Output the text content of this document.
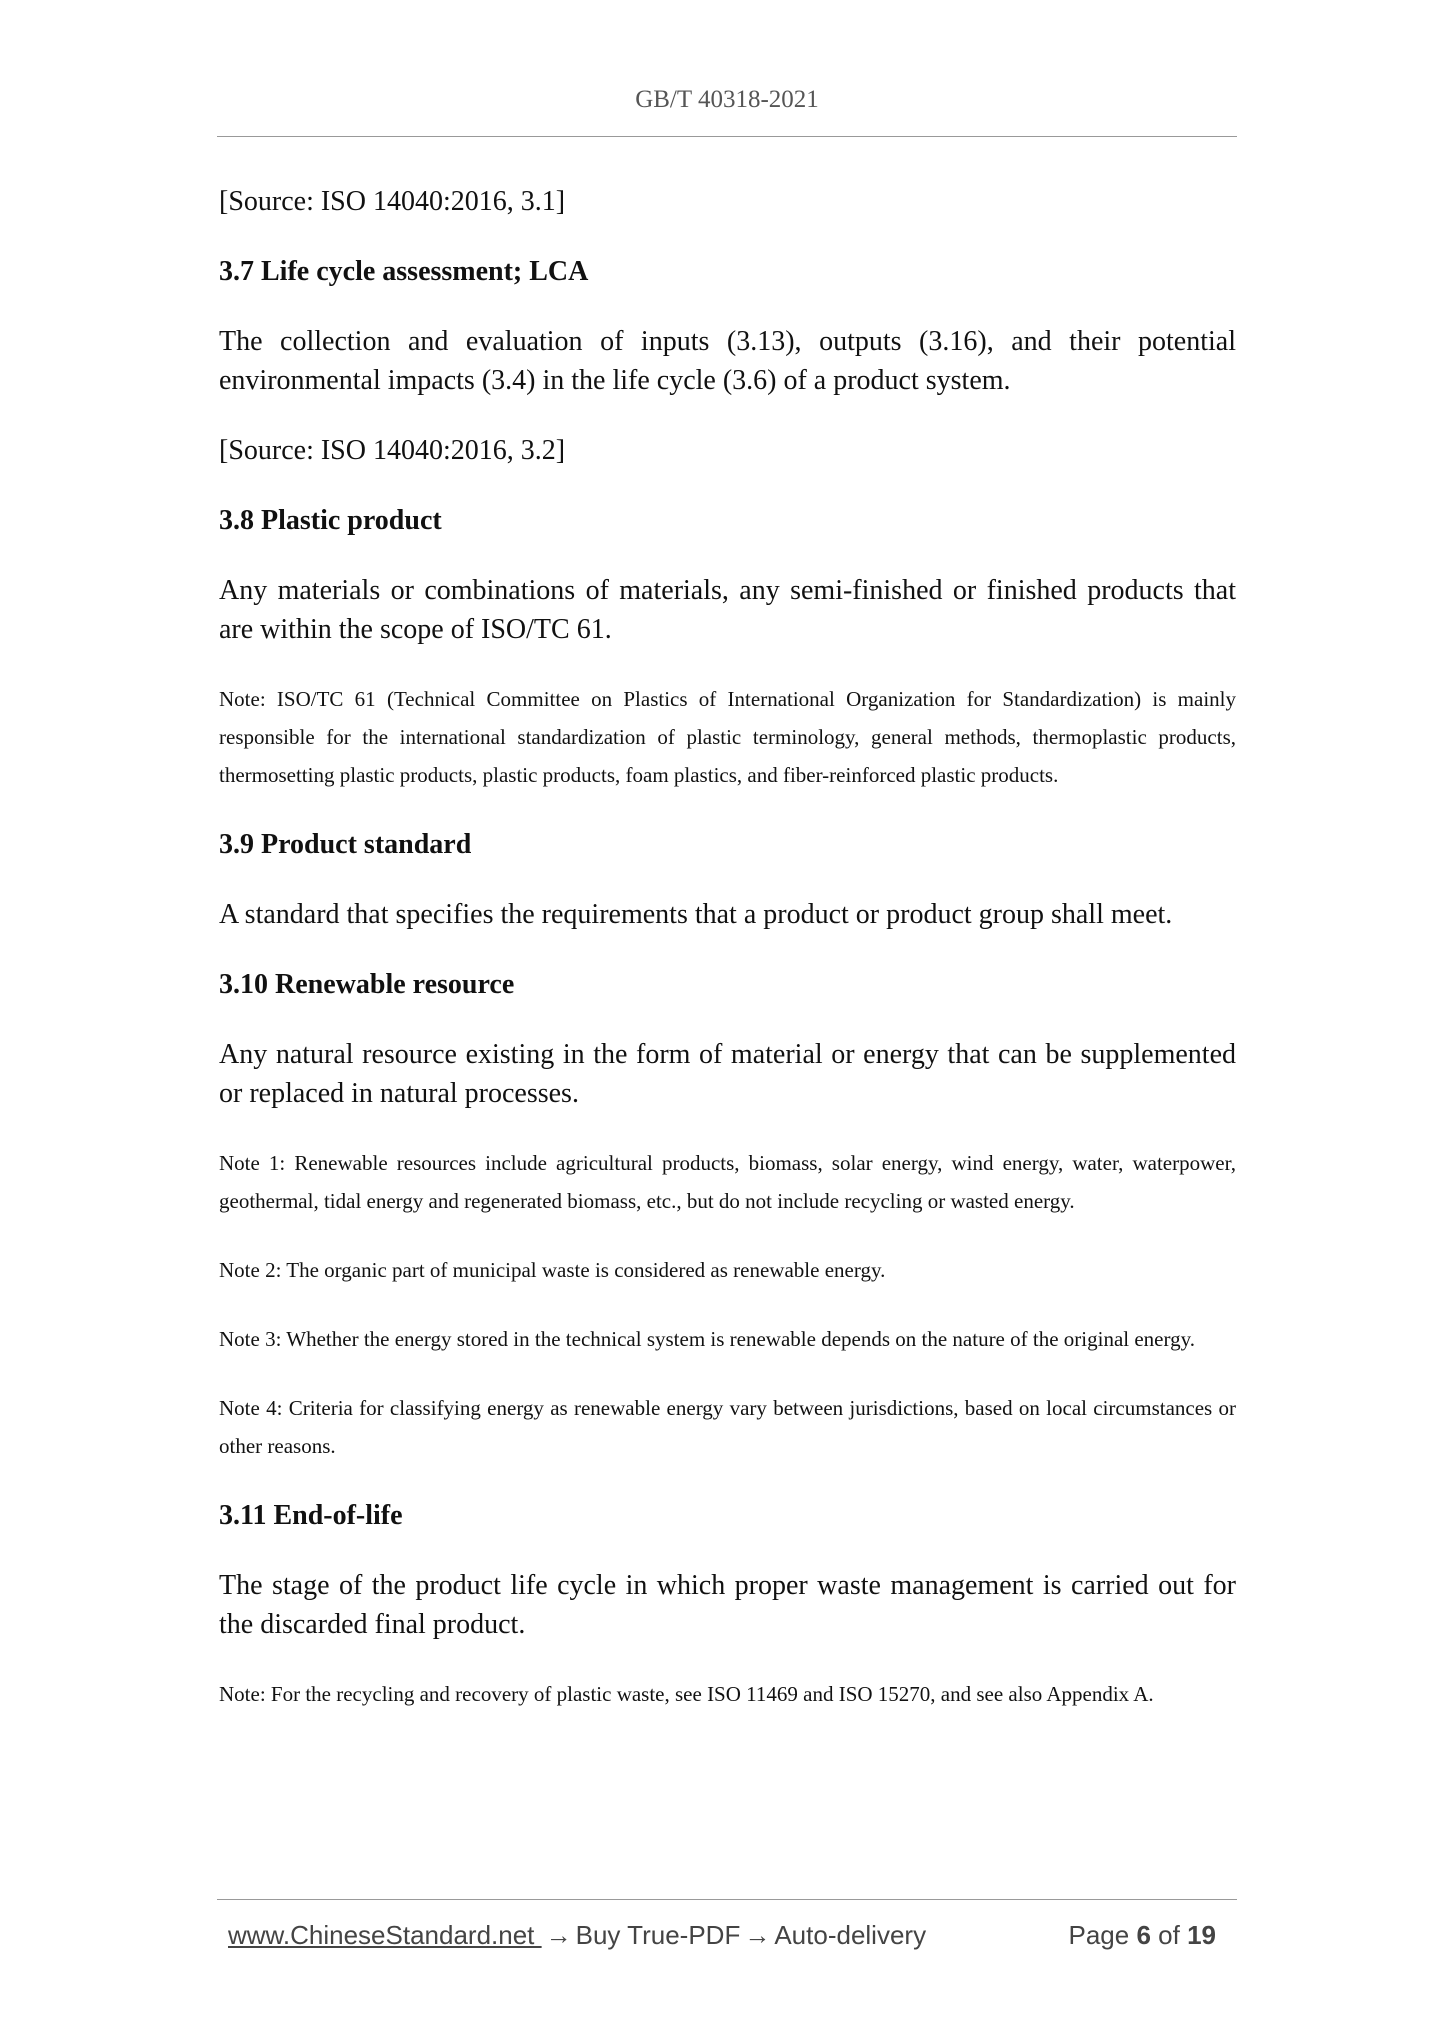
GB/T 40318-2021

[Source: ISO 14040:2016, 3.1]

3.7 Life cycle assessment; LCA

The collection and evaluation of inputs (3.13), outputs (3.16), and their potential environmental impacts (3.4) in the life cycle (3.6) of a product system.

[Source: ISO 14040:2016, 3.2]

3.8 Plastic product

Any materials or combinations of materials, any semi-finished or finished products that are within the scope of ISO/TC 61.

Note: ISO/TC 61 (Technical Committee on Plastics of International Organization for Standardization) is mainly responsible for the international standardization of plastic terminology, general methods, thermoplastic products, thermosetting plastic products, plastic products, foam plastics, and fiber-reinforced plastic products.

3.9 Product standard

A standard that specifies the requirements that a product or product group shall meet.

3.10 Renewable resource

Any natural resource existing in the form of material or energy that can be supplemented or replaced in natural processes.

Note 1: Renewable resources include agricultural products, biomass, solar energy, wind energy, water, waterpower, geothermal, tidal energy and regenerated biomass, etc., but do not include recycling or wasted energy.

Note 2: The organic part of municipal waste is considered as renewable energy.

Note 3: Whether the energy stored in the technical system is renewable depends on the nature of the original energy.

Note 4: Criteria for classifying energy as renewable energy vary between jurisdictions, based on local circumstances or other reasons.

3.11 End-of-life

The stage of the product life cycle in which proper waste management is carried out for the discarded final product.

Note: For the recycling and recovery of plastic waste, see ISO 11469 and ISO 15270, and see also Appendix A.

www.ChineseStandard.net → Buy True-PDF → Auto-delivery	Page 6 of 19
